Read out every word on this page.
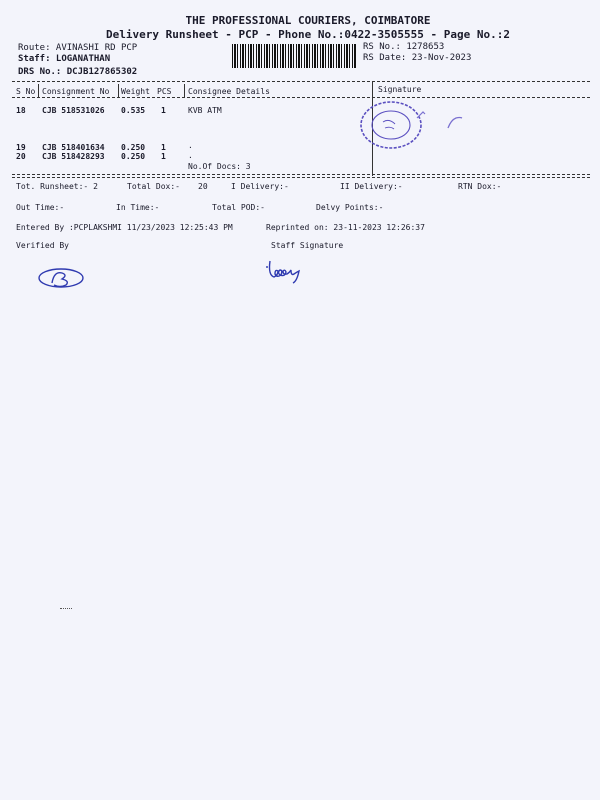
THE PROFESSIONAL COURIERS, COIMBATORE
Delivery Runsheet - PCP - Phone No.:0422-3505555 - Page No.:2
Route: AVINASHI RD PCP
Staff: LOGANATHAN
DRS No.: DCJB127865302
RS No.: 1278653
RS Date: 23-Nov-2023
S No Consignment No Weight PCS Consignee Details	Signature
18 CJB 518531026 0.535 1	KVB ATM
19 CJB 518401634 0.250 1	.
20 CJB 518428293 0.250 1	.
No.Of Docs: 3
Tot. Runsheet:- 2	Total Dox:- 20	I Delivery:-	II Delivery:-	RTN Dox:-
Out Time:-	In Time:-	Total POD:-	Delvy Points:-
Entered By :PCPLAKSHMI 11/23/2023 12:25:43 PM	Reprinted on: 23-11-2023 12:26:37
Verified By	Staff Signature
